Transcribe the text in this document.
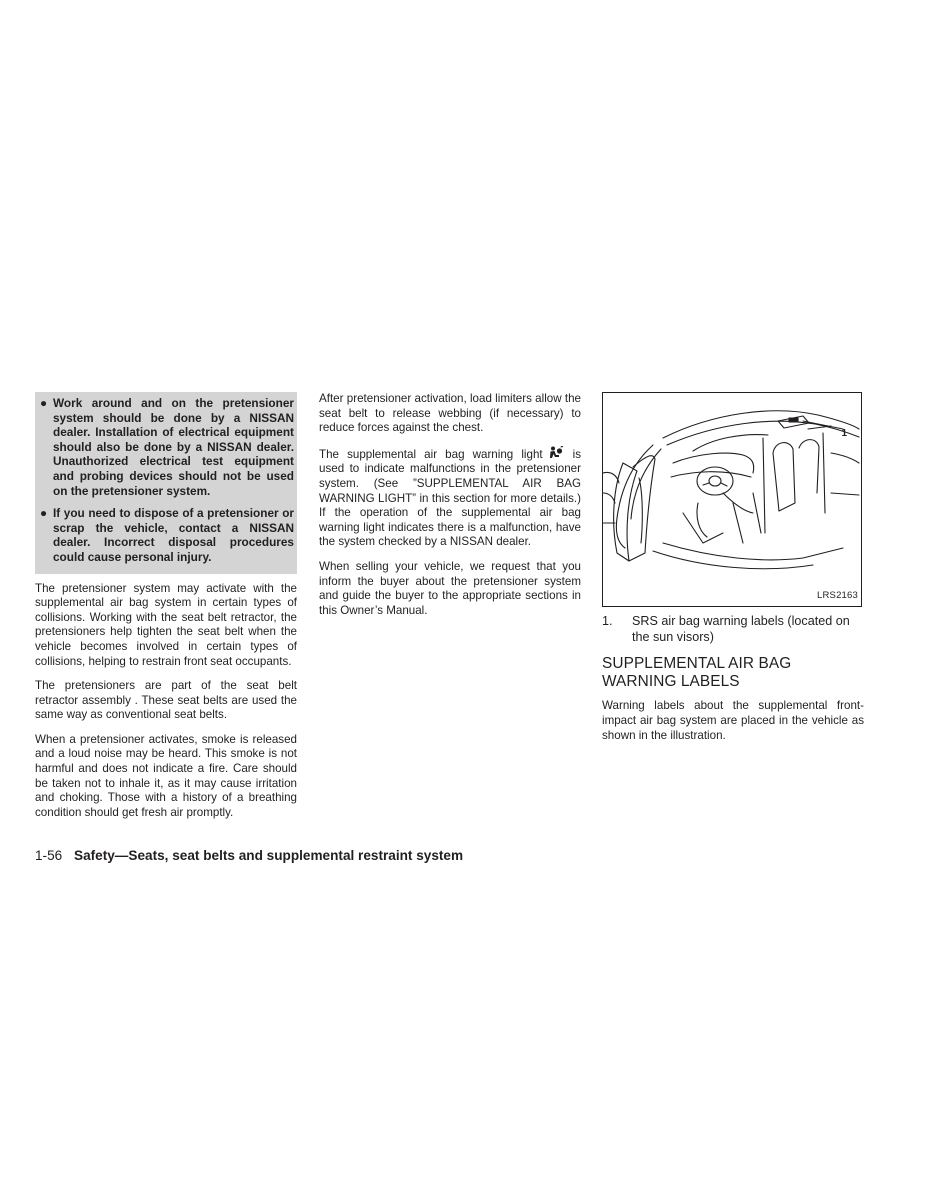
● Work around and on the pretensioner system should be done by a NISSAN dealer. Installation of electrical equipment should also be done by a NISSAN dealer. Unauthorized electrical test equipment and probing devices should not be used on the pretensioner system.
● If you need to dispose of a pretensioner or scrap the vehicle, contact a NISSAN dealer. Incorrect disposal procedures could cause personal injury.

The pretensioner system may activate with the supplemental air bag system in certain types of collisions. Working with the seat belt retractor, the pretensioners help tighten the seat belt when the vehicle becomes involved in certain types of collisions, helping to restrain front seat occupants.

The pretensioners are part of the seat belt retractor assembly . These seat belts are used the same way as conventional seat belts.

When a pretensioner activates, smoke is released and a loud noise may be heard. This smoke is not harmful and does not indicate a fire. Care should be taken not to inhale it, as it may cause irritation and choking. Those with a history of a breathing condition should get fresh air promptly.

After pretensioner activation, load limiters allow the seat belt to release webbing (if necessary) to reduce forces against the chest.

The supplemental air bag warning light	is used to indicate malfunctions in the pretensioner system. (See ”SUPPLEMENTAL AIR BAG WARNING LIGHT” in this section for more details.) If the operation of the supplemental air bag warning light indicates there is a malfunction, have the system checked by a NISSAN dealer.

When selling your vehicle, we request that you inform the buyer about the pretensioner system and guide the buyer to the appropriate sections in this Owner’s Manual.

1
LRS2163
1. SRS air bag warning labels (located on the sun visors)
SUPPLEMENTAL AIR BAG
WARNING LABELS

Warning labels about the supplemental front-impact air bag system are placed in the vehicle as shown in the illustration.

1-56 Safety—Seats, seat belts and supplemental restraint system
